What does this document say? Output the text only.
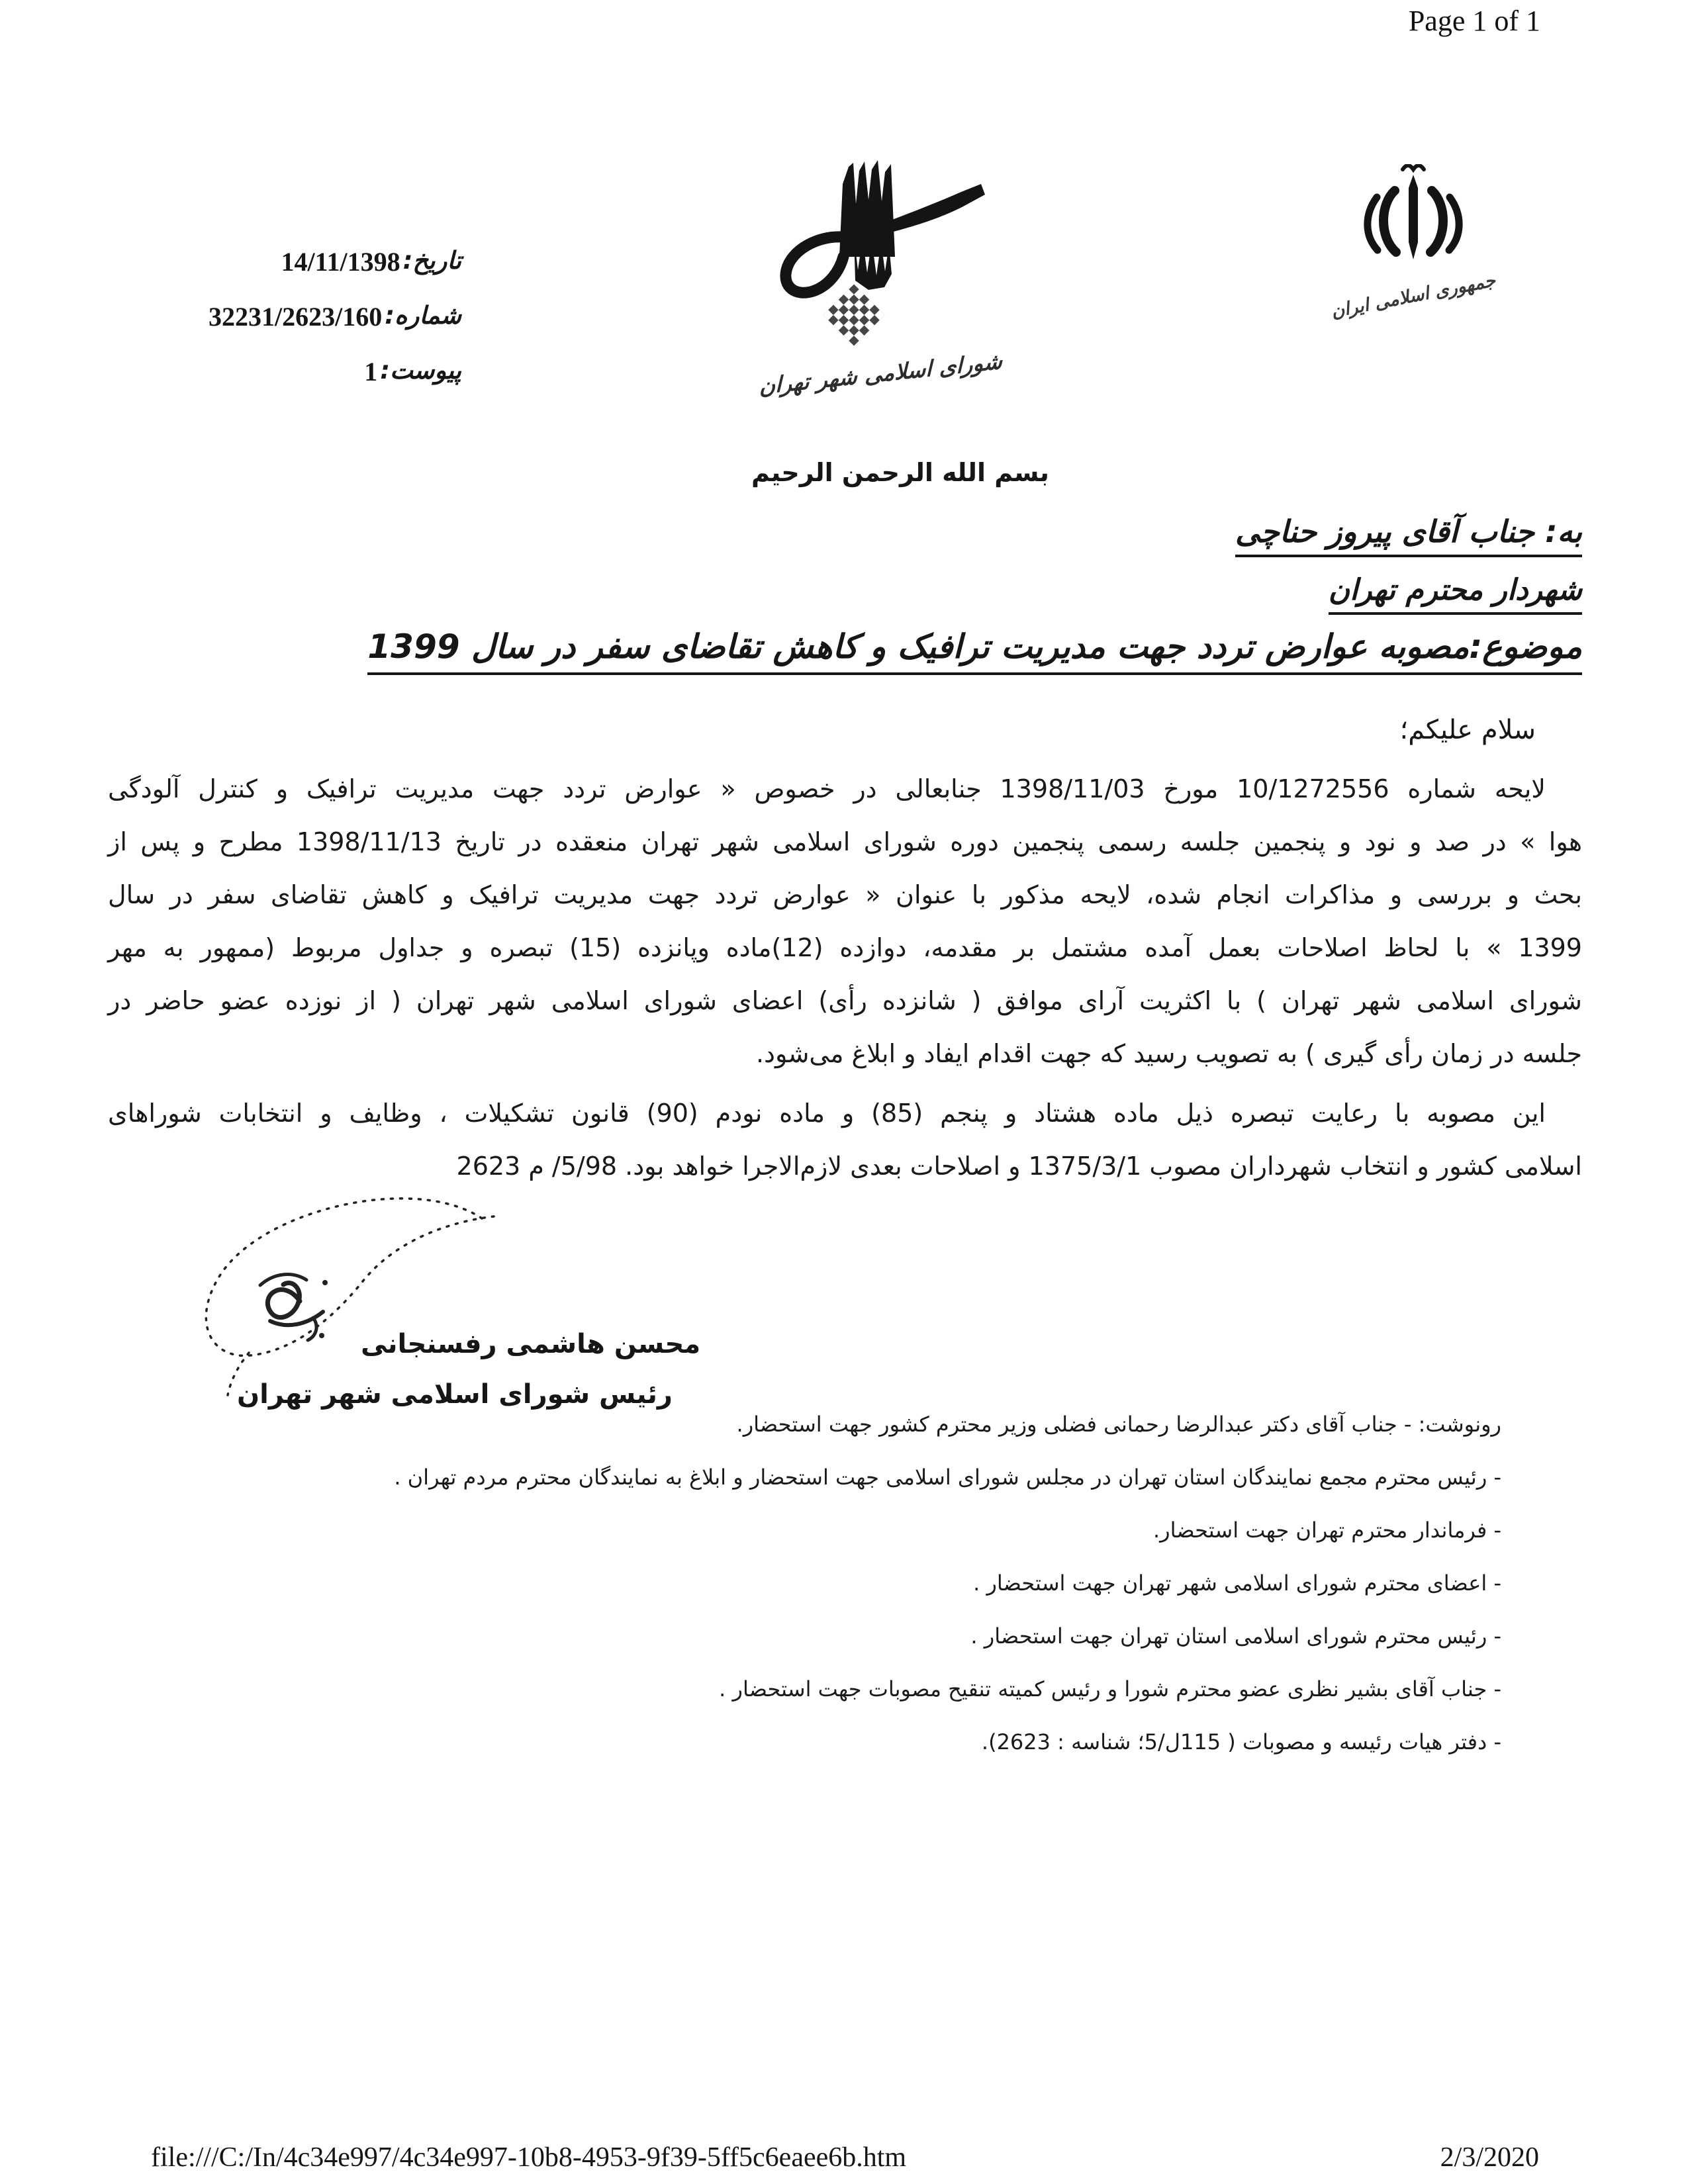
Page 1 of 1
تاریخ:
14/11/1398
شماره:
32231/2623/160
پیوست:
1	شورای اسلامی شهر تهران
جمهوری اسلامی ایران
بسم الله الرحمن الرحیم
به: جناب آقای پیروز حناچی
شهردار محترم تهران
موضوع:مصوبه عوارض تردد جهت مدیریت ترافیک و کاهش تقاضای سفر در سال 1399
سلام علیکم؛
لایحه شماره 10/1272556 مورخ 1398/11/03 جنابعالی در خصوص « عوارض تردد جهت مدیریت ترافیک و کنترل آلودگی
هوا » در صد و نود و پنجمین جلسه رسمی پنجمین دوره شورای اسلامی شهر تهران منعقده در تاریخ 1398/11/13 مطرح و پس از
بحث و بررسی و مذاکرات انجام شده، لایحه مذکور با عنوان « عوارض تردد جهت مدیریت ترافیک و کاهش تقاضای سفر در سال
1399 » با لحاظ اصلاحات بعمل آمده مشتمل بر مقدمه، دوازده (12)ماده وپانزده (15) تبصره و جداول مربوط (ممهور به مهر
شورای اسلامی شهر تهران ) با اکثریت آرای موافق ( شانزده رأی) اعضای شورای اسلامی شهر تهران ( از نوزده عضو حاضر در
جلسه در زمان رأی گیری ) به تصویب رسید که جهت اقدام ایفاد و ابلاغ می‌شود.
این مصوبه با رعایت تبصره ذیل ماده هشتاد و پنجم (85) و ماده نودم (90) قانون تشکیلات ، وظایف و انتخابات شوراهای
اسلامی کشور و انتخاب شهرداران مصوب 1375/3/1 و اصلاحات بعدی لازم‌الاجرا خواهد بود. 5/98/ م 2623
محسن هاشمی رفسنجانی
رئیس شورای اسلامی شهر تهران
رونوشت: - جناب آقای دکتر عبدالرضا رحمانی فضلی وزیر محترم کشور جهت استحضار.
- رئیس محترم مجمع نمایندگان استان تهران در مجلس شورای اسلامی جهت استحضار و ابلاغ به نمایندگان محترم مردم تهران .
- فرماندار محترم تهران جهت استحضار.
- اعضای محترم شورای اسلامی شهر تهران جهت استحضار .
- رئیس محترم شورای اسلامی استان تهران جهت استحضار .
- جناب آقای بشیر نظری عضو محترم شورا و رئیس کمیته تنقیح مصوبات جهت استحضار .
- دفتر هیات رئیسه و مصوبات ( 115ل/5؛ شناسه : 2623).
file:///C:/In/4c34e997/4c34e997-10b8-4953-9f39-5ff5c6eaee6b.htm	2/3/2020
